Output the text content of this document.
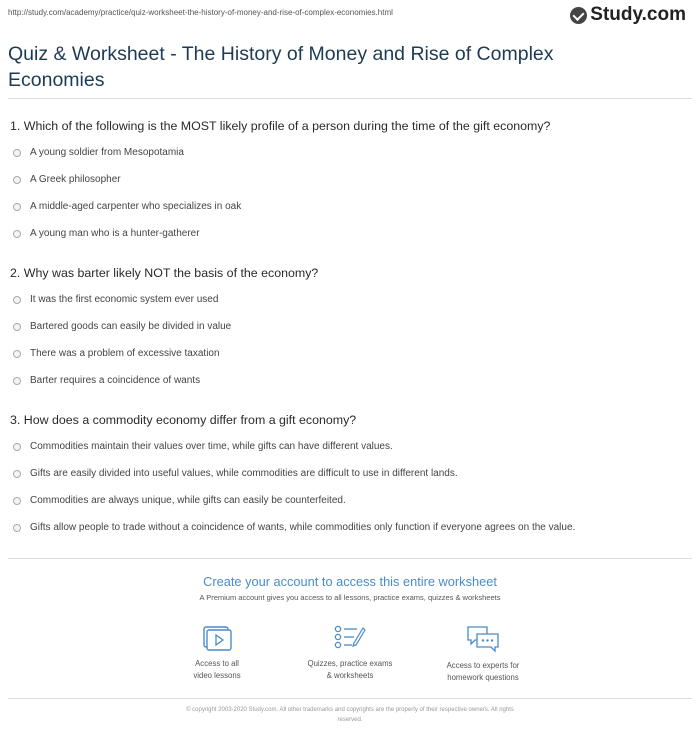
http://study.com/academy/practice/quiz-worksheet-the-history-of-money-and-rise-of-complex-economies.html	Study.com
Quiz & Worksheet - The History of Money and Rise of Complex Economies
1. Which of the following is the MOST likely profile of a person during the time of the gift economy?
A young soldier from Mesopotamia
A Greek philosopher
A middle-aged carpenter who specializes in oak
A young man who is a hunter-gatherer
2. Why was barter likely NOT the basis of the economy?
It was the first economic system ever used
Bartered goods can easily be divided in value
There was a problem of excessive taxation
Barter requires a coincidence of wants
3. How does a commodity economy differ from a gift economy?
Commodities maintain their values over time, while gifts can have different values.
Gifts are easily divided into useful values, while commodities are difficult to use in different lands.
Commodities are always unique, while gifts can easily be counterfeited.
Gifts allow people to trade without a coincidence of wants, while commodities only function if everyone agrees on the value.
Create your account to access this entire worksheet
A Premium account gives you access to all lessons, practice exams, quizzes & worksheets
Access to all
video lessons
Quizzes, practice exams
& worksheets
Access to experts for
homework questions
© copyright 2003-2020 Study.com. All other trademarks and copyrights are the property of their respective owners. All rights
reserved.
